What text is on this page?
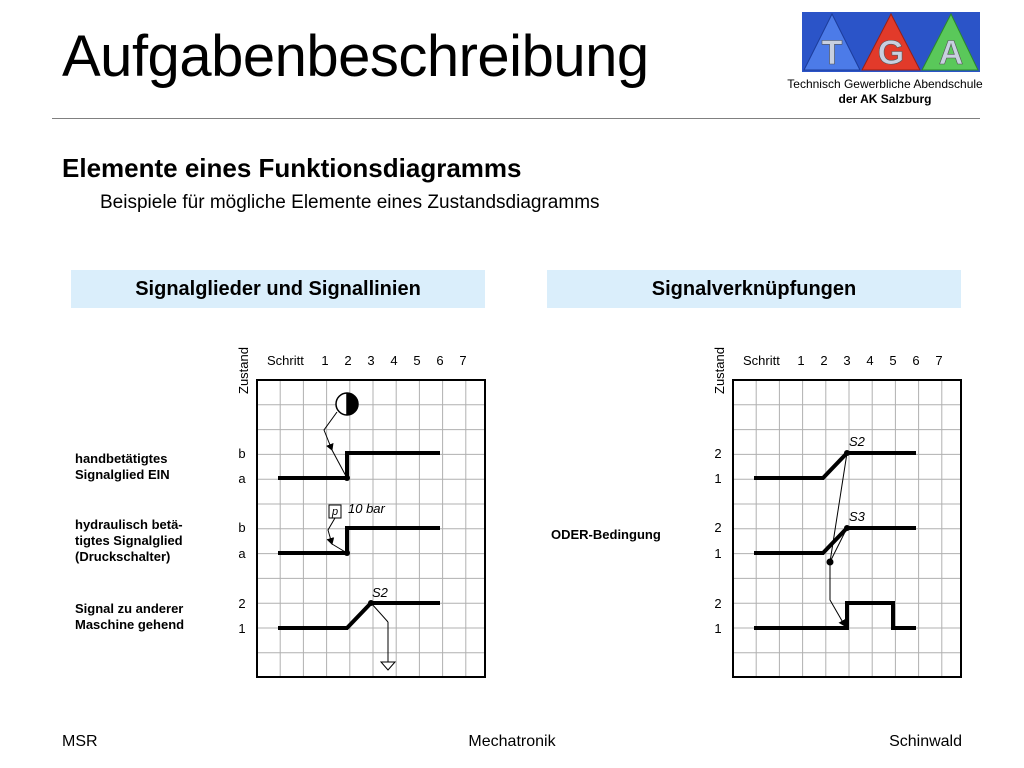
Aufgabenbeschreibung	T G A
Technisch Gewerbliche Abendschule
der AK Salzburg
Elemente eines Funktionsdiagramms
Beispiele für mögliche Elemente eines Zustandsdiagramms
Signalglieder und Signallinien	Signalverknüpfungen
handbetätigtes
Signalglied EIN
hydraulisch betä-
tigtes Signalglied
(Druckschalter)
Signal zu anderer
Maschine gehend
ODER-Bedingung
Zustand Schritt 1 2 3 4 5 6 7
b
a
b
a
2
1
p 10 bar
S2
Zustand Schritt 1 2 3 4 5 6 7
2
1
2
1
2
1
S2
S3
MSR	Mechatronik	Schinwald
